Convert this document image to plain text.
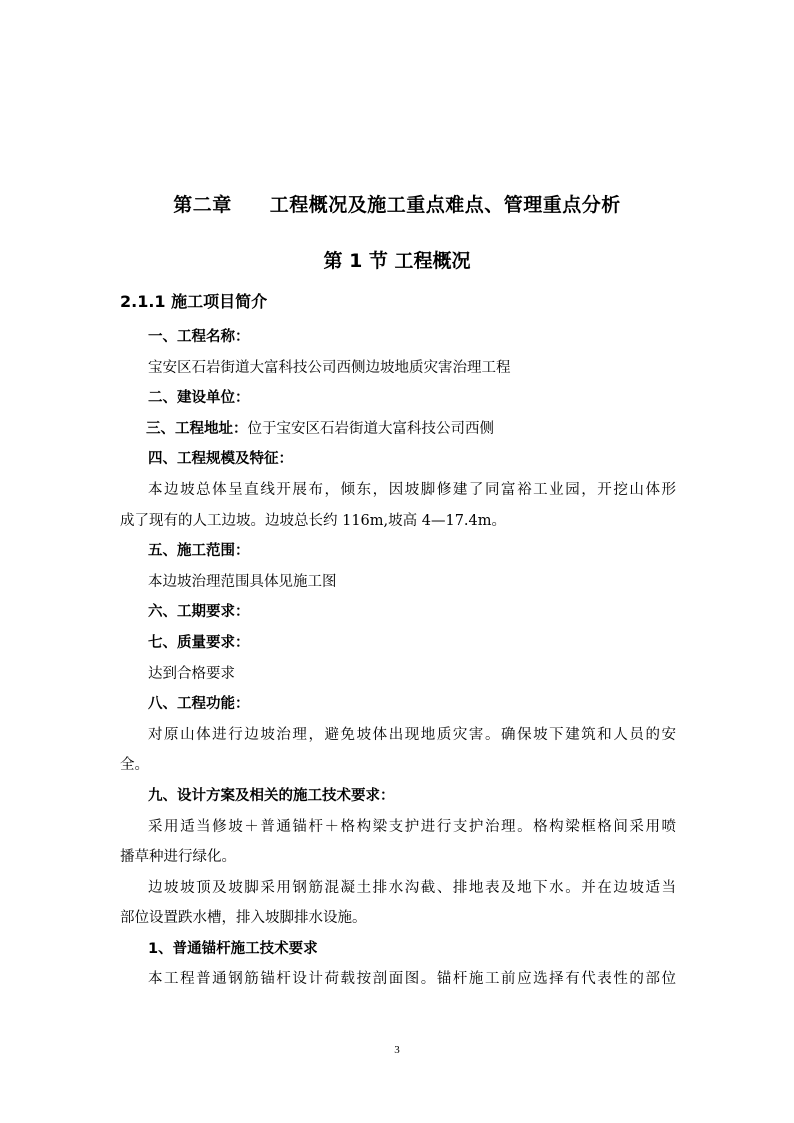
第二章 工程概况及施工重点难点、管理重点分析
第 1 节 工程概况
2.1.1 施工项目简介
一、工程名称：
宝安区石岩街道大富科技公司西侧边坡地质灾害治理工程
二、建设单位：
三、工程地址：位于宝安区石岩街道大富科技公司西侧
四、工程规模及特征：
本边坡总体呈直线开展布，倾东，因坡脚修建了同富裕工业园，开挖山体形
成了现有的人工边坡。边坡总长约 116m,坡高 4—17.4m。
五、施工范围：
本边坡治理范围具体见施工图
六、工期要求：
七、质量要求：
达到合格要求
八、工程功能：
对原山体进行边坡治理，避免坡体出现地质灾害。确保坡下建筑和人员的安
全。
九、设计方案及相关的施工技术要求：
采用适当修坡＋普通锚杆＋格构梁支护进行支护治理。格构梁框格间采用喷
播草种进行绿化。
边坡坡顶及坡脚采用钢筋混凝土排水沟截、排地表及地下水。并在边坡适当
部位设置跌水槽，排入坡脚排水设施。
1、普通锚杆施工技术要求
本工程普通钢筋锚杆设计荷载按剖面图。锚杆施工前应选择有代表性的部位
3
